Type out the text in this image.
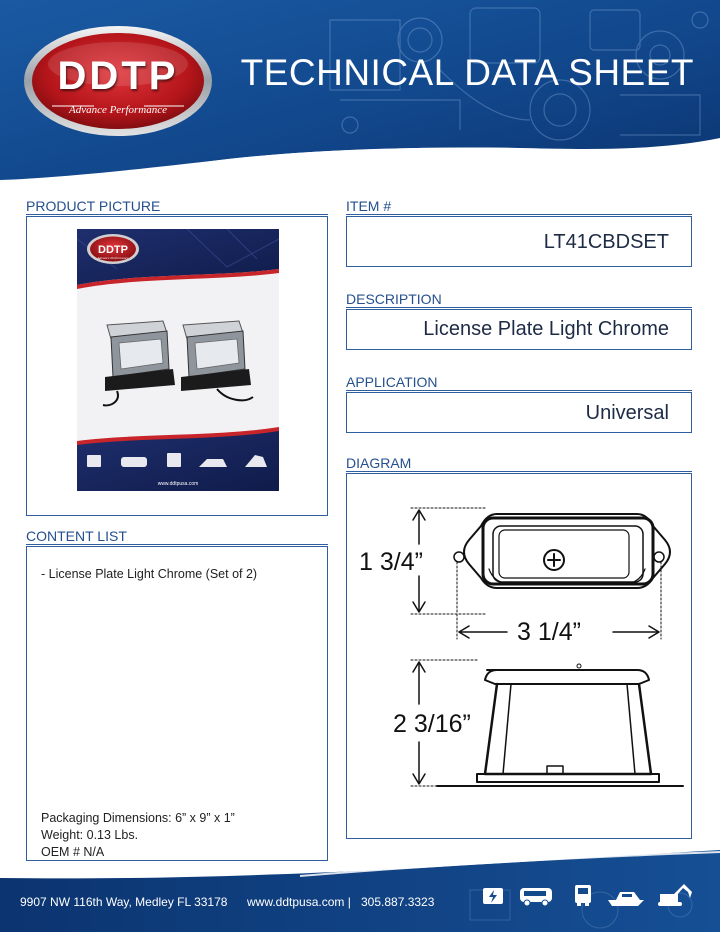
DDTP
Advance Performance
TECHNICAL DATA SHEET
PRODUCT PICTURE
DDTP
Advance Performance
www.ddtpusa.com
CONTENT LIST
- License Plate Light Chrome (Set of 2)
Packaging Dimensions: 6” x 9” x 1”
Weight: 0.13 Lbs.
OEM # N/A
ITEM #
LT41CBDSET
DESCRIPTION
License Plate Light Chrome
APPLICATION
Universal
DIAGRAM
1 3/4”
3 1/4”
2 3/16”
9907 NW 116th Way, Medley FL 33178 www.ddtpusa.com | 305.887.3323
